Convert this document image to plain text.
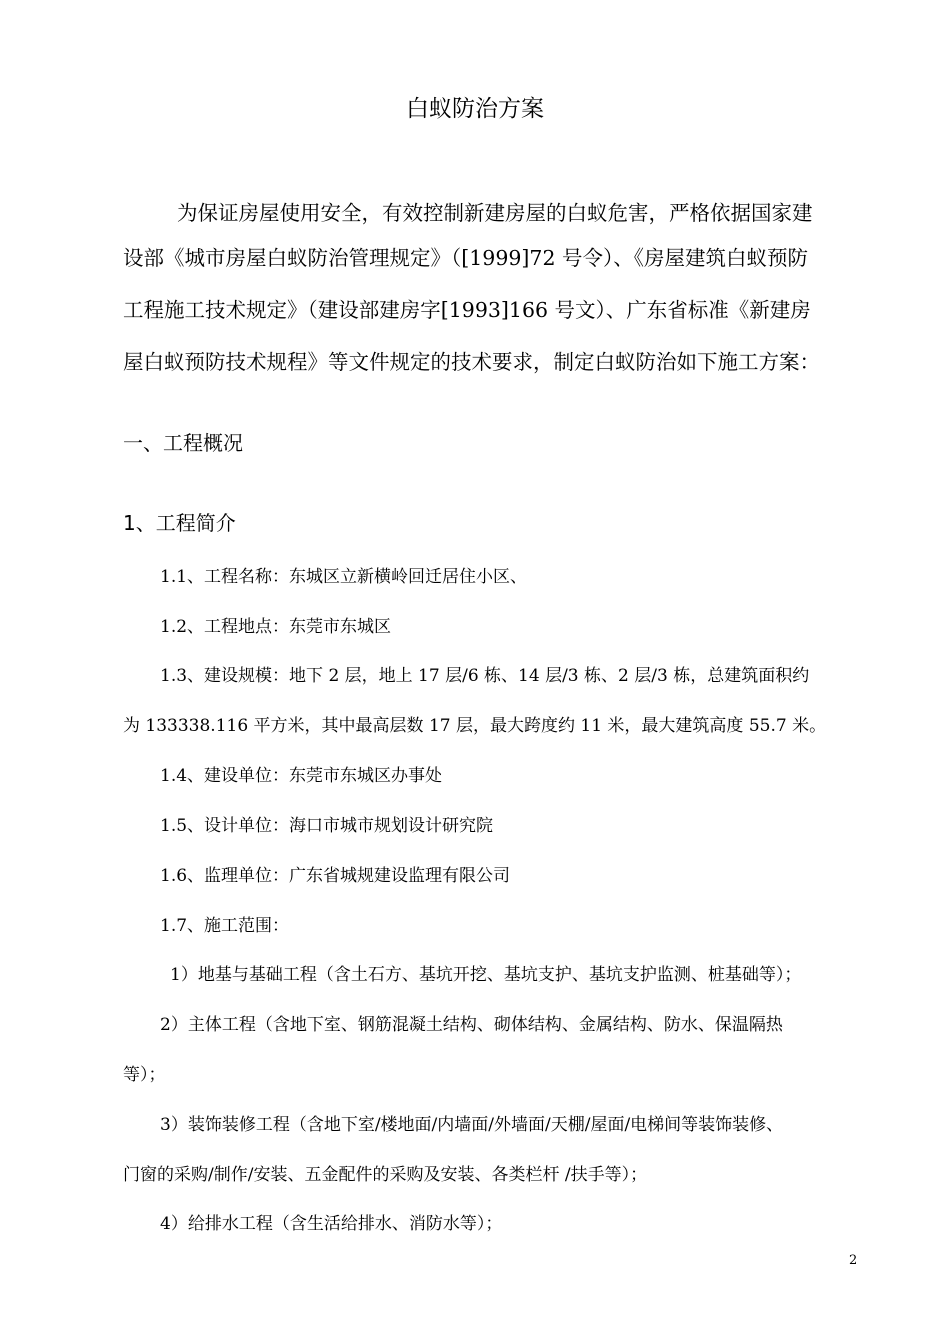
白蚁防治方案
为保证房屋使用安全，有效控制新建房屋的白蚁危害，严格依据国家建
设部《城市房屋白蚁防治管理规定》（[1999]72 号令）、《房屋建筑白蚁预防
工程施工技术规定》（建设部建房字[1993]166 号文）、广东省标准《新建房
屋白蚁预防技术规程》等文件规定的技术要求，制定白蚁防治如下施工方案：
一、工程概况
1、工程简介
1.1、工程名称：东城区立新横岭回迁居住小区、
1.2、工程地点：东莞市东城区
1.3、建设规模：地下 2 层，地上 17 层/6 栋、14 层/3 栋、2 层/3 栋，总建筑面积约
为 133338.116 平方米，其中最高层数 17 层，最大跨度约 11 米，最大建筑高度 55.7 米。
1.4、建设单位：东莞市东城区办事处
1.5、设计单位：海口市城市规划设计研究院
1.6、监理单位：广东省城规建设监理有限公司
1.7、施工范围：
1）地基与基础工程（含土石方、基坑开挖、基坑支护、基坑支护监测、桩基础等）；
2）主体工程（含地下室、钢筋混凝土结构、砌体结构、金属结构、防水、保温隔热
等）；
3）装饰装修工程（含地下室/楼地面/内墙面/外墙面/天棚/屋面/电梯间等装饰装修、
门窗的采购/制作/安装、五金配件的采购及安装、各类栏杆 /扶手等）；
4）给排水工程（含生活给排水、消防水等）；
2
